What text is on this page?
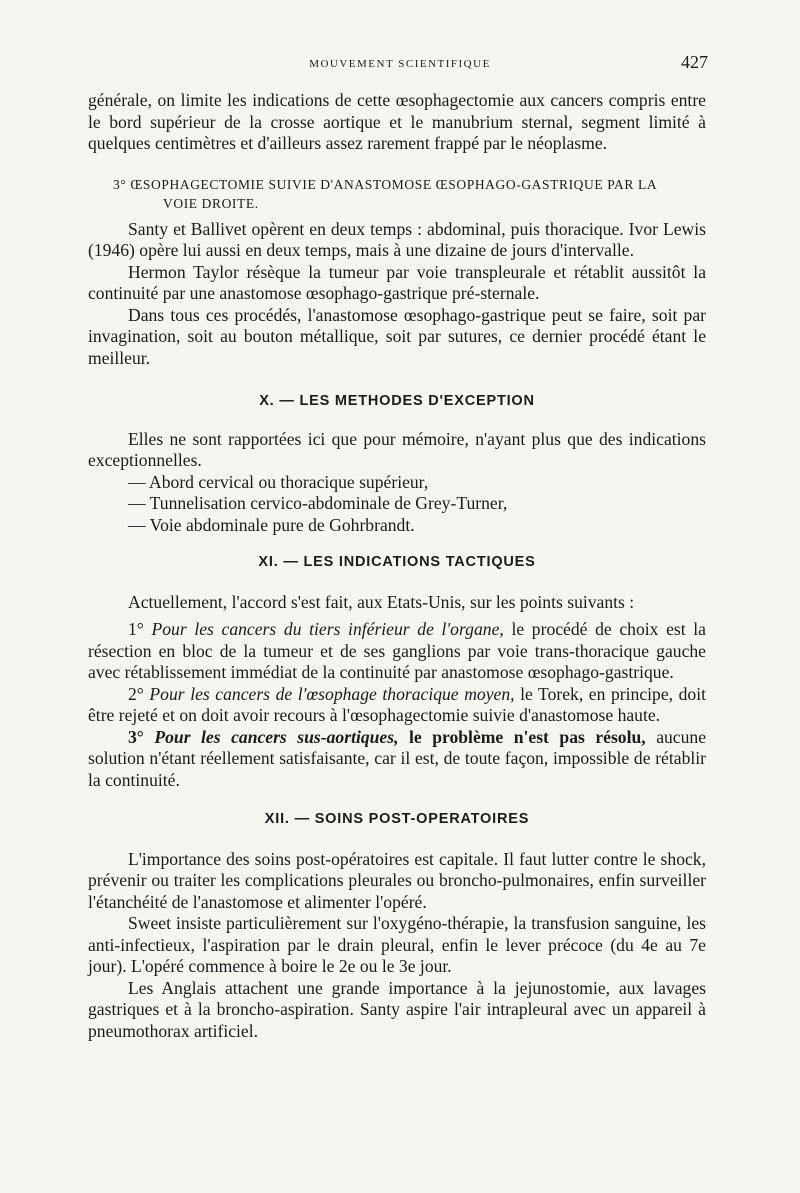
MOUVEMENT SCIENTIFIQUE	427

générale, on limite les indications de cette œsophagectomie aux cancers compris entre le bord supérieur de la crosse aortique et le manubrium sternal, segment limité à quelques centimètres et d'ailleurs assez rarement frappé par le néoplasme.

3° ŒSOPHAGECTOMIE SUIVIE D'ANASTOMOSE ŒSOPHAGO-GASTRIQUE PAR LA
VOIE DROITE.

Santy et Ballivet opèrent en deux temps : abdominal, puis thoracique. Ivor Lewis (1946) opère lui aussi en deux temps, mais à une dizaine de jours d'intervalle.

Hermon Taylor résèque la tumeur par voie transpleurale et rétablit aussitôt la continuité par une anastomose œsophago-gastrique pré-sternale.

Dans tous ces procédés, l'anastomose œsophago-gastrique peut se faire, soit par invagination, soit au bouton métallique, soit par sutures, ce dernier procédé étant le meilleur.

X. — LES METHODES D'EXCEPTION

Elles ne sont rapportées ici que pour mémoire, n'ayant plus que des indications exceptionnelles.

— Abord cervical ou thoracique supérieur,

— Tunnelisation cervico-abdominale de Grey-Turner,

— Voie abdominale pure de Gohrbrandt.

XI. — LES INDICATIONS TACTIQUES

Actuellement, l'accord s'est fait, aux Etats-Unis, sur les points suivants :

1° Pour les cancers du tiers inférieur de l'organe, le procédé de choix est la résection en bloc de la tumeur et de ses ganglions par voie trans-thoracique gauche avec rétablissement immédiat de la continuité par anastomose œsophago-gastrique.

2° Pour les cancers de l'œsophage thoracique moyen, le Torek, en principe, doit être rejeté et on doit avoir recours à l'œsophagectomie suivie d'anastomose haute.

3° Pour les cancers sus-aortiques, le problème n'est pas résolu, aucune solution n'étant réellement satisfaisante, car il est, de toute façon, impossible de rétablir la continuité.

XII. — SOINS POST-OPERATOIRES

L'importance des soins post-opératoires est capitale. Il faut lutter contre le shock, prévenir ou traiter les complications pleurales ou broncho-pulmonaires, enfin surveiller l'étanchéité de l'anastomose et alimenter l'opéré.

Sweet insiste particulièrement sur l'oxygéno-thérapie, la transfusion sanguine, les anti-infectieux, l'aspiration par le drain pleural, enfin le lever précoce (du 4e au 7e jour). L'opéré commence à boire le 2e ou le 3e jour.

Les Anglais attachent une grande importance à la jejunostomie, aux lavages gastriques et à la broncho-aspiration. Santy aspire l'air intrapleural avec un appareil à pneumothorax artificiel.
